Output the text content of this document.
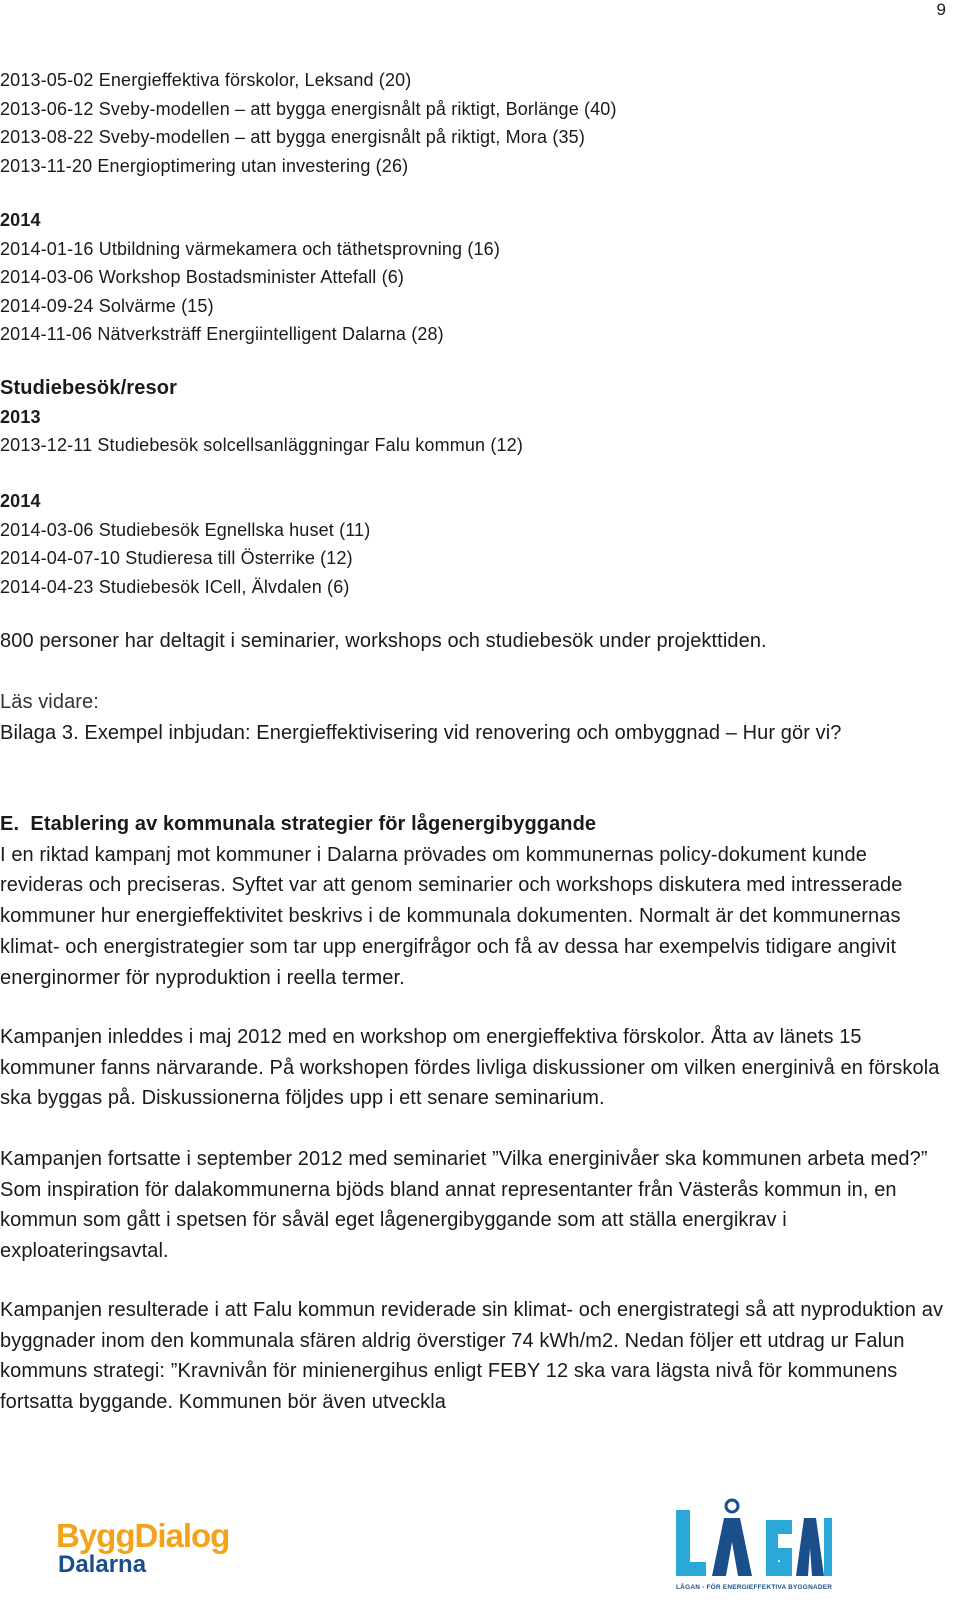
9
2013-05-02 Energieffektiva förskolor, Leksand (20)
2013-06-12 Sveby-modellen – att bygga energisnålt på riktigt, Borlänge (40)
2013-08-22 Sveby-modellen – att bygga energisnålt på riktigt, Mora (35)
2013-11-20 Energioptimering utan investering (26)
2014
2014-01-16 Utbildning värmekamera och täthetsprovning (16)
2014-03-06 Workshop Bostadsminister Attefall (6)
2014-09-24 Solvärme (15)
2014-11-06 Nätverksträff Energiintelligent Dalarna (28)
Studiebesök/resor
2013
2013-12-11 Studiebesök solcellsanläggningar Falu kommun (12)
2014
2014-03-06 Studiebesök Egnellska huset (11)
2014-04-07-10 Studieresa till Österrike (12)
2014-04-23 Studiebesök ICell, Älvdalen (6)

800 personer har deltagit i seminarier, workshops och studiebesök under projekttiden.

Läs vidare:

Bilaga 3. Exempel inbjudan: Energieffektivisering vid renovering och ombyggnad – Hur gör vi?

E.  Etablering av kommunala strategier för lågenergibyggande

I en riktad kampanj mot kommuner i Dalarna prövades om kommunernas policy-dokument kunde revideras och preciseras. Syftet var att genom seminarier och workshops diskutera med intresserade kommuner hur energieffektivitet beskrivs i de kommunala dokumenten. Normalt är det kommunernas klimat- och energistrategier som tar upp energifrågor och få av dessa har exempelvis tidigare angivit energinormer för nyproduktion i reella termer.

Kampanjen inleddes i maj 2012 med en workshop om energieffektiva förskolor. Åtta av länets 15 kommuner fanns närvarande. På workshopen fördes livliga diskussioner om vilken energinivå en förskola ska byggas på. Diskussionerna följdes upp i ett senare seminarium.

Kampanjen fortsatte i september 2012 med seminariet ”Vilka energinivåer ska kommunen arbeta med?” Som inspiration för dalakommunerna bjöds bland annat representanter från Västerås kommun in, en kommun som gått i spetsen för såväl eget lågenergibyggande som att ställa energikrav i exploateringsavtal.

Kampanjen resulterade i att Falu kommun reviderade sin klimat- och energistrategi så att nyproduktion av byggnader inom den kommunala sfären aldrig överstiger 74 kWh/m2. Nedan följer ett utdrag ur Falun kommuns strategi: ”Kravnivån för minienergihus enligt FEBY 12 ska vara lägsta nivå för kommunens fortsatta byggande. Kommunen bör även utveckla

ByggDialog
Dalarna
LÅGAN - FÖR ENERGIEFFEKTIVA BYGGNADER
